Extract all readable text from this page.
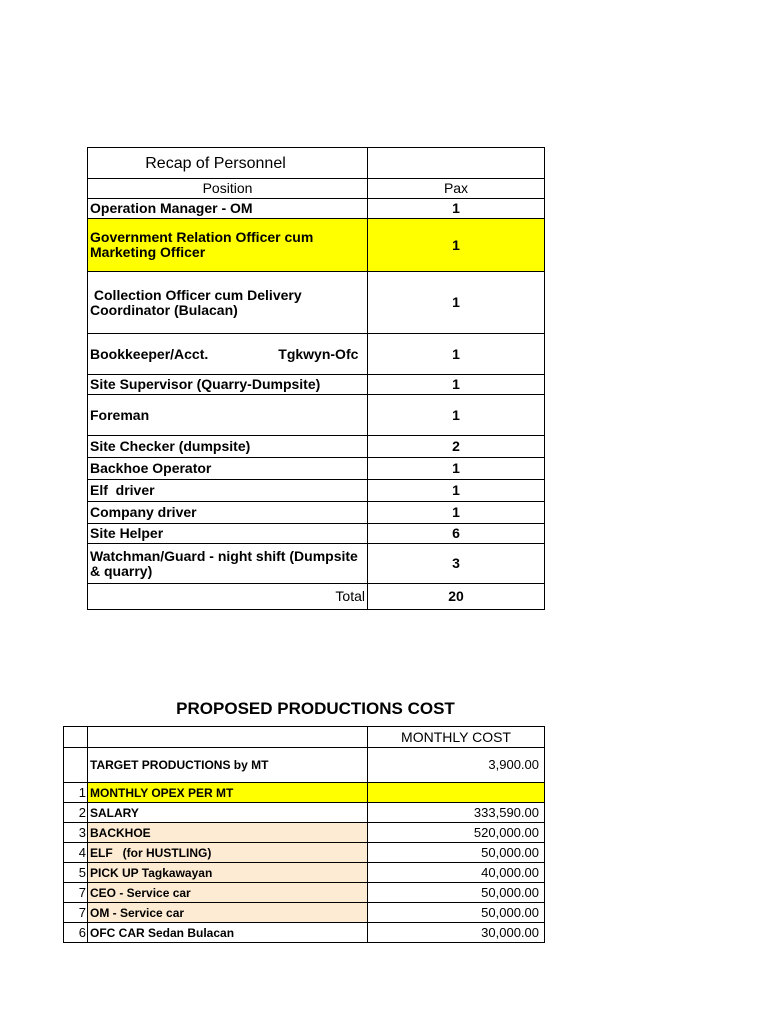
Recap of Personnel	
Position	Pax
Operation Manager - OM	1
Government Relation Officer cum Marketing Officer	1
Collection Officer cum Delivery Coordinator (Bulacan)	1
Bookkeeper/Acct. Tgkwyn-Ofc	1
Site Supervisor (Quarry-Dumpsite)	1
Foreman	1
Site Checker (dumpsite)	2
Backhoe Operator	1
Elf  driver	1
Company driver	1
Site Helper	6
Watchman/Guard - night shift (Dumpsite & quarry)	3
Total	20
PROPOSED PRODUCTIONS COST
		MONTHLY COST
	TARGET PRODUCTIONS by MT	3,900.00
1	MONTHLY OPEX PER MT	
2	SALARY	333,590.00
3	BACKHOE	520,000.00
4	ELF   (for HUSTLING)	50,000.00
5	PICK UP Tagkawayan	40,000.00
7	CEO - Service car	50,000.00
7	OM - Service car	50,000.00
6	OFC CAR Sedan Bulacan	30,000.00
